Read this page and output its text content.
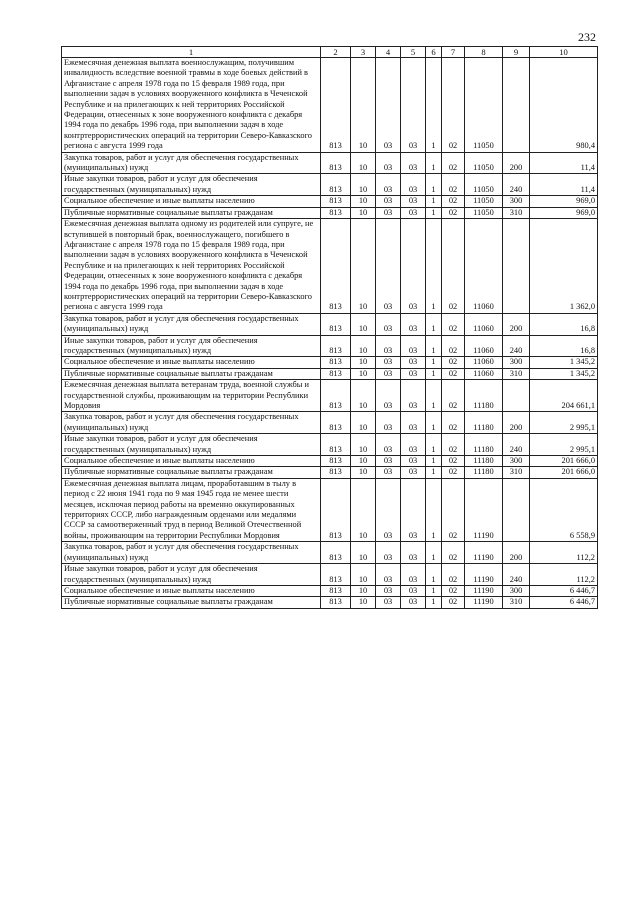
232
1	2	3	4	5	6	7	8	9	10
Ежемесячная денежная выплата военнослужащим, получившим инвалидность вследствие военной травмы в ходе боевых действий в Афганистане с апреля 1978 года по 15 февраля 1989 года, при выполнении задач в условиях вооруженного конфликта в Чеченской Республике и на прилегающих к ней территориях Российской Федерации, отнесенных к зоне вооруженного конфликта с декабря 1994 года по декабрь 1996 года, при выполнении задач в ходе контртеррористических операций на территории Северо-Кавказского региона с августа 1999 года	813	10	03	03	1	02	11050		980,4
Закупка товаров, работ и услуг для обеспечения государственных (муниципальных) нужд	813	10	03	03	1	02	11050	200	11,4
Иные закупки товаров, работ и услуг для обеспечения государственных (муниципальных) нужд	813	10	03	03	1	02	11050	240	11,4
Социальное обеспечение и иные выплаты населению	813	10	03	03	1	02	11050	300	969,0
Публичные нормативные социальные выплаты гражданам	813	10	03	03	1	02	11050	310	969,0
Ежемесячная денежная выплата одному из родителей или супруге, не вступившей в повторный брак, военнослужащего, погибшего в Афганистане с апреля 1978 года по 15 февраля 1989 года, при выполнении задач в условиях вооруженного конфликта в Чеченской Республике и на прилегающих к ней территориях Российской Федерации, отнесенных к зоне вооруженного конфликта с декабря 1994 года по декабрь 1996 года, при выполнении задач в ходе контртеррористических операций на территории Северо-Кавказского региона с августа 1999 года	813	10	03	03	1	02	11060		1 362,0
Закупка товаров, работ и услуг для обеспечения государственных (муниципальных) нужд	813	10	03	03	1	02	11060	200	16,8
Иные закупки товаров, работ и услуг для обеспечения государственных (муниципальных) нужд	813	10	03	03	1	02	11060	240	16,8
Социальное обеспечение и иные выплаты населению	813	10	03	03	1	02	11060	300	1 345,2
Публичные нормативные социальные выплаты гражданам	813	10	03	03	1	02	11060	310	1 345,2
Ежемесячная денежная выплата ветеранам труда, военной службы и государственной службы, проживающим на территории Республики Мордовия	813	10	03	03	1	02	11180		204 661,1
Закупка товаров, работ и услуг для обеспечения государственных (муниципальных) нужд	813	10	03	03	1	02	11180	200	2 995,1
Иные закупки товаров, работ и услуг для обеспечения государственных (муниципальных) нужд	813	10	03	03	1	02	11180	240	2 995,1
Социальное обеспечение и иные выплаты населению	813	10	03	03	1	02	11180	300	201 666,0
Публичные нормативные социальные выплаты гражданам	813	10	03	03	1	02	11180	310	201 666,0
Ежемесячная денежная выплата лицам, проработавшим в тылу в период с 22 июня 1941 года по 9 мая 1945 года не менее шести месяцев, исключая период работы на временно оккупированных территориях СССР, либо награжденным орденами или медалями СССР за самоотверженный труд в период Великой Отечественной войны, проживающим на территории Республики Мордовия	813	10	03	03	1	02	11190		6 558,9
Закупка товаров, работ и услуг для обеспечения государственных (муниципальных) нужд	813	10	03	03	1	02	11190	200	112,2
Иные закупки товаров, работ и услуг для обеспечения государственных (муниципальных) нужд	813	10	03	03	1	02	11190	240	112,2
Социальное обеспечение и иные выплаты населению	813	10	03	03	1	02	11190	300	6 446,7
Публичные нормативные социальные выплаты гражданам	813	10	03	03	1	02	11190	310	6 446,7
